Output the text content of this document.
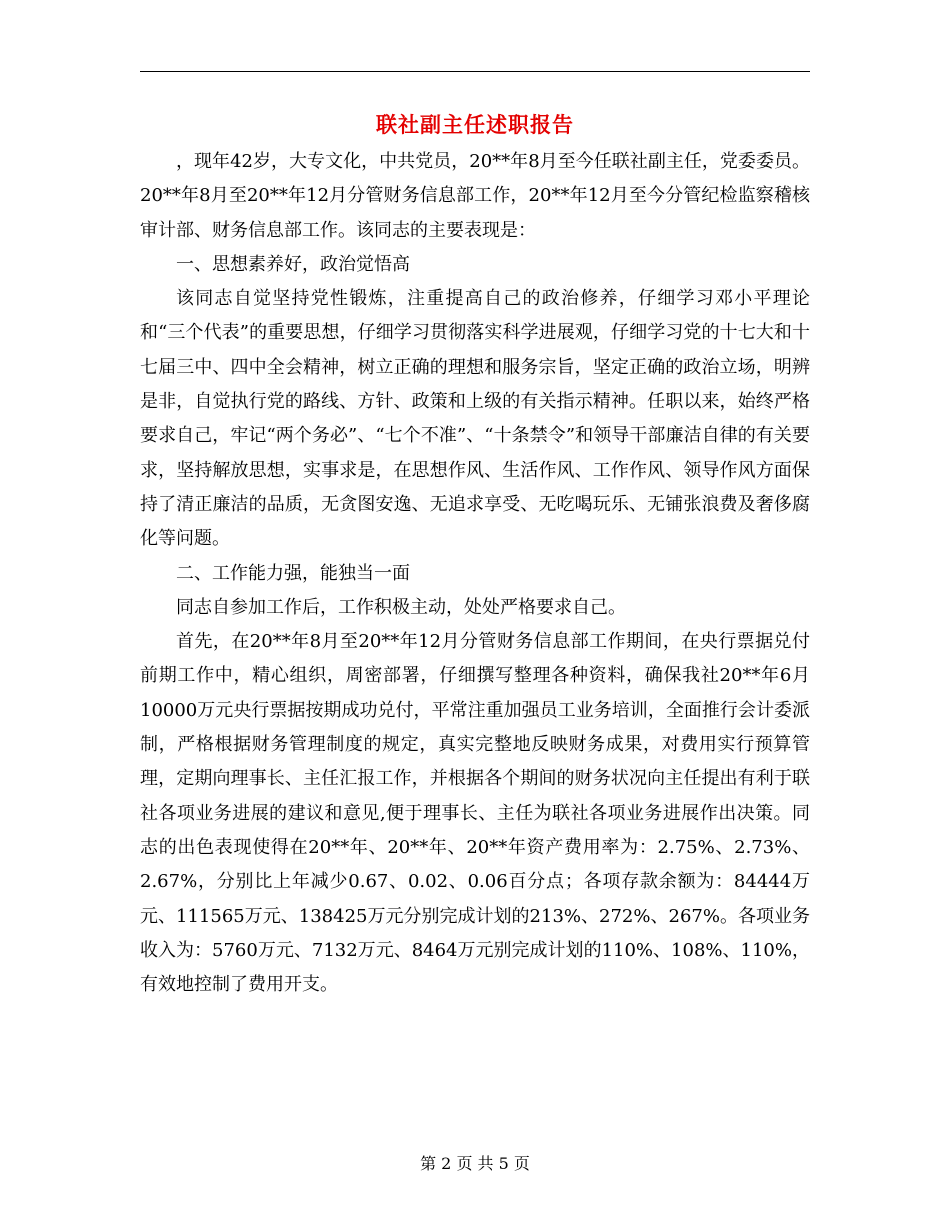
联社副主任述职报告

，现年42岁，大专文化，中共党员，20**年8月至今任联社副主任，党委委员。20**年8月至20**年12月分管财务信息部工作，20**年12月至今分管纪检监察稽核审计部、财务信息部工作。该同志的主要表现是：

一、思想素养好，政治觉悟高

该同志自觉坚持党性锻炼，注重提高自己的政治修养，仔细学习邓小平理论和“三个代表”的重要思想，仔细学习贯彻落实科学进展观，仔细学习党的十七大和十七届三中、四中全会精神，树立正确的理想和服务宗旨，坚定正确的政治立场，明辨是非，自觉执行党的路线、方针、政策和上级的有关指示精神。任职以来，始终严格要求自己，牢记“两个务必”、“七个不准”、“十条禁令”和领导干部廉洁自律的有关要求，坚持解放思想，实事求是，在思想作风、生活作风、工作作风、领导作风方面保持了清正廉洁的品质，无贪图安逸、无追求享受、无吃喝玩乐、无铺张浪费及奢侈腐化等问题。

二、工作能力强，能独当一面

同志自参加工作后，工作积极主动，处处严格要求自己。

首先，在20**年8月至20**年12月分管财务信息部工作期间，在央行票据兑付前期工作中，精心组织，周密部署，仔细撰写整理各种资料，确保我社20**年6月10000万元央行票据按期成功兑付，平常注重加强员工业务培训，全面推行会计委派制，严格根据财务管理制度的规定，真实完整地反映财务成果，对费用实行预算管理，定期向理事长、主任汇报工作，并根据各个期间的财务状况向主任提出有利于联社各项业务进展的建议和意见,便于理事长、主任为联社各项业务进展作出决策。同志的出色表现使得在20**年、20**年、20**年资产费用率为：2.75%、2.73%、2.67%，分别比上年减少0.67、0.02、0.06百分点；各项存款余额为：84444万元、111565万元、138425万元分别完成计划的213%、272%、267%。各项业务收入为：5760万元、7132万元、8464万元别完成计划的110%、108%、110%，有效地控制了费用开支。

第 2 页 共 5 页
